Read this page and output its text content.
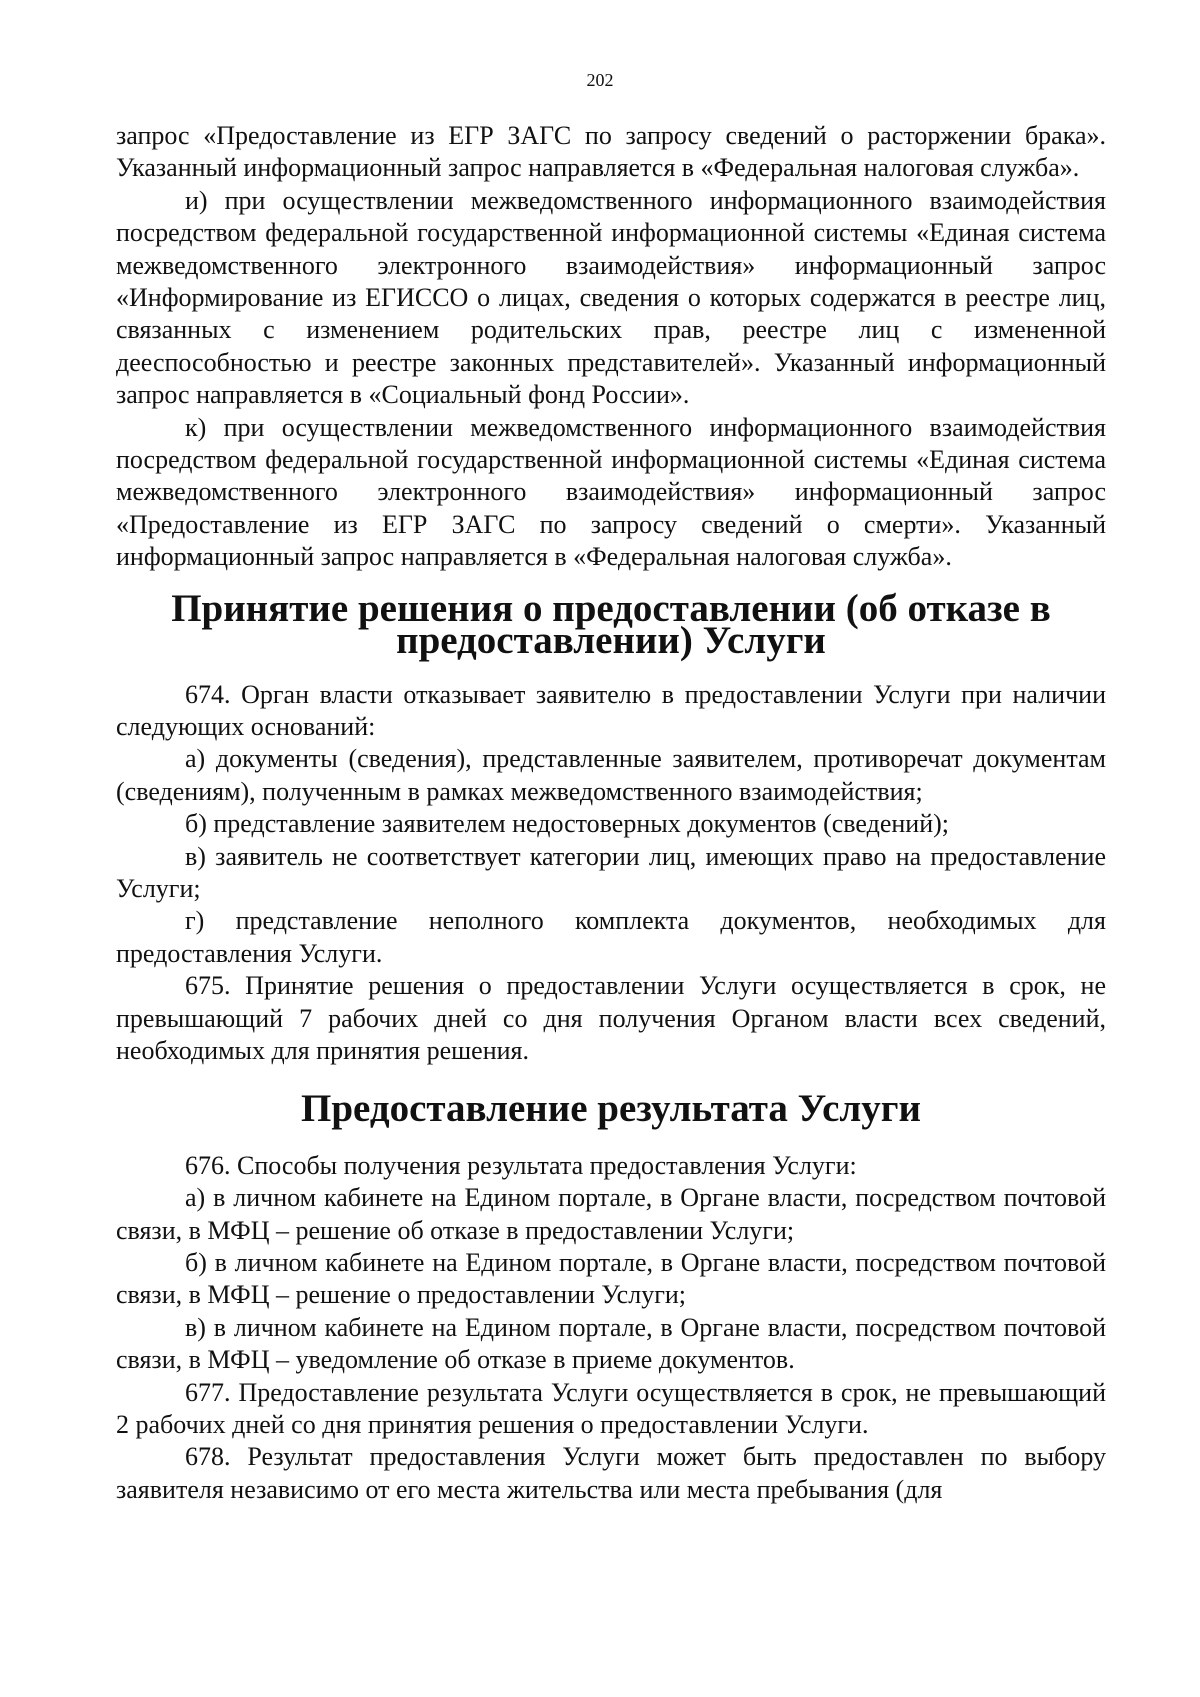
202

запрос «Предоставление из ЕГР ЗАГС по запросу сведений о расторжении брака». Указанный информационный запрос направляется в «Федеральная налоговая служба».

и) при осуществлении межведомственного информационного взаимодействия посредством федеральной государственной информационной системы «Единая система межведомственного электронного взаимодействия» информационный запрос «Информирование из ЕГИССО о лицах, сведения о которых содержатся в реестре лиц, связанных с изменением родительских прав, реестре лиц с измененной дееспособностью и реестре законных представителей». Указанный информационный запрос направляется в «Социальный фонд России».

к) при осуществлении межведомственного информационного взаимодействия посредством федеральной государственной информационной системы «Единая система межведомственного электронного взаимодействия» информационный запрос «Предоставление из ЕГР ЗАГС по запросу сведений о смерти». Указанный информационный запрос направляется в «Федеральная налоговая служба».

Принятие решения о предоставлении (об отказе в предоставлении) Услуги

674. Орган власти отказывает заявителю в предоставлении Услуги при наличии следующих оснований:

а) документы (сведения), представленные заявителем, противоречат документам (сведениям), полученным в рамках межведомственного взаимодействия;

б) представление заявителем недостоверных документов (сведений);

в) заявитель не соответствует категории лиц, имеющих право на предоставление Услуги;

г) представление неполного комплекта документов, необходимых для предоставления Услуги.

675. Принятие решения о предоставлении Услуги осуществляется в срок, не превышающий 7 рабочих дней со дня получения Органом власти всех сведений, необходимых для принятия решения.

Предоставление результата Услуги

676. Способы получения результата предоставления Услуги:

а) в личном кабинете на Едином портале, в Органе власти, посредством почтовой связи, в МФЦ – решение об отказе в предоставлении Услуги;

б) в личном кабинете на Едином портале, в Органе власти, посредством почтовой связи, в МФЦ – решение о предоставлении Услуги;

в) в личном кабинете на Едином портале, в Органе власти, посредством почтовой связи, в МФЦ – уведомление об отказе в приеме документов.

677. Предоставление результата Услуги осуществляется в срок, не превышающий 2 рабочих дней со дня принятия решения о предоставлении Услуги.

678. Результат предоставления Услуги может быть предоставлен по выбору заявителя независимо от его места жительства или места пребывания (для
